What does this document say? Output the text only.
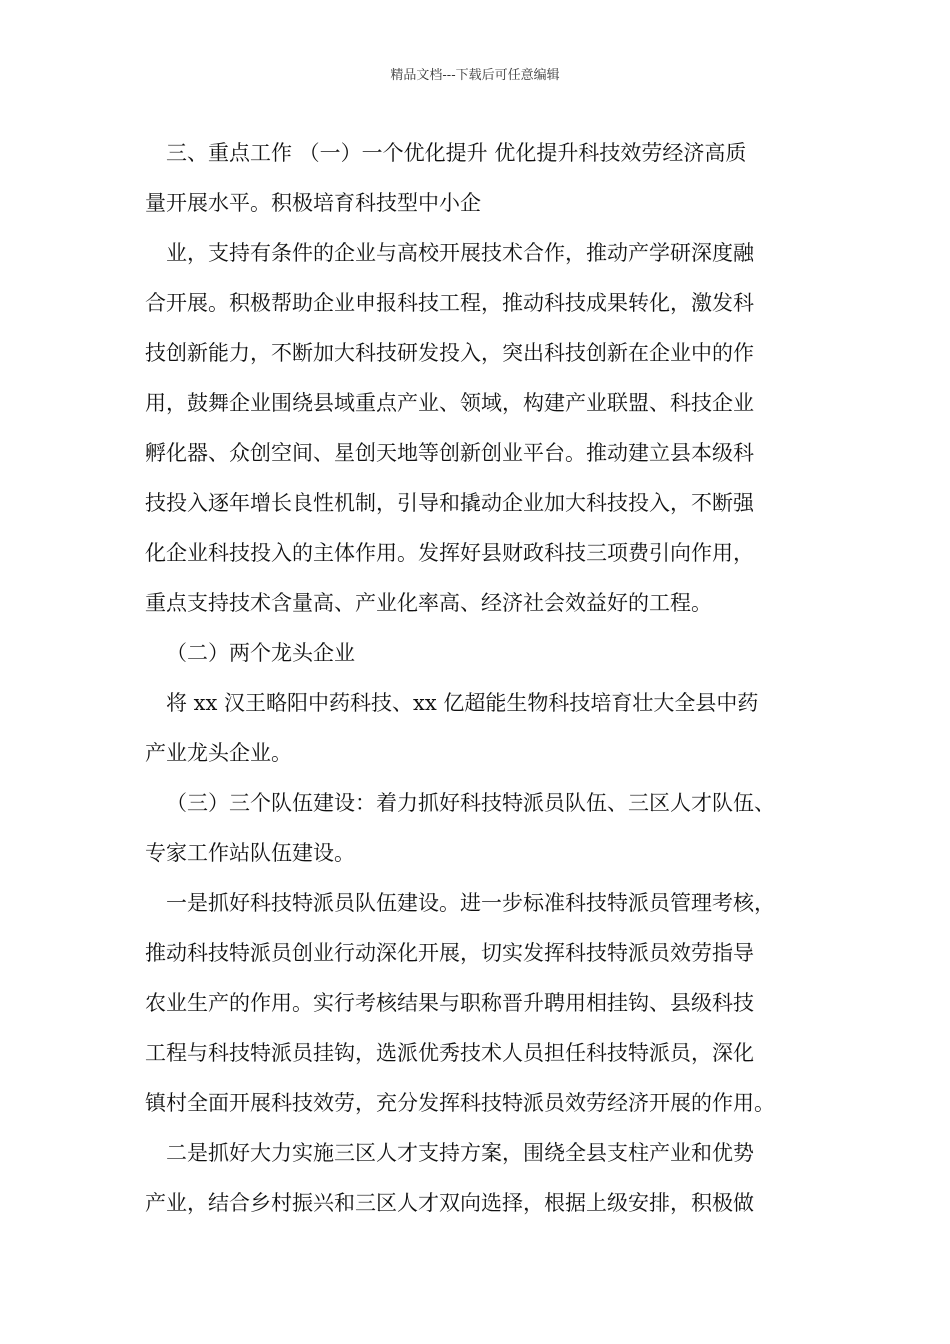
精品文档---下载后可任意编辑
三、重点工作 （一）一个优化提升 优化提升科技效劳经济高质
量开展水平。积极培育科技型中小企
业，支持有条件的企业与高校开展技术合作，推动产学研深度融
合开展。积极帮助企业申报科技工程，推动科技成果转化，激发科
技创新能力，不断加大科技研发投入，突出科技创新在企业中的作
用，鼓舞企业围绕县域重点产业、领域，构建产业联盟、科技企业
孵化器、众创空间、星创天地等创新创业平台。推动建立县本级科
技投入逐年增长良性机制，引导和撬动企业加大科技投入，不断强
化企业科技投入的主体作用。发挥好县财政科技三项费引向作用，
重点支持技术含量高、产业化率高、经济社会效益好的工程。
（二）两个龙头企业
将 xx 汉王略阳中药科技、xx 亿超能生物科技培育壮大全县中药
产业龙头企业。
（三）三个队伍建设：着力抓好科技特派员队伍、三区人才队伍、
专家工作站队伍建设。
一是抓好科技特派员队伍建设。进一步标准科技特派员管理考核，
推动科技特派员创业行动深化开展，切实发挥科技特派员效劳指导
农业生产的作用。实行考核结果与职称晋升聘用相挂钩、县级科技
工程与科技特派员挂钩，选派优秀技术人员担任科技特派员，深化
镇村全面开展科技效劳，充分发挥科技特派员效劳经济开展的作用。
二是抓好大力实施三区人才支持方案，围绕全县支柱产业和优势
产业，结合乡村振兴和三区人才双向选择，根据上级安排，积极做
